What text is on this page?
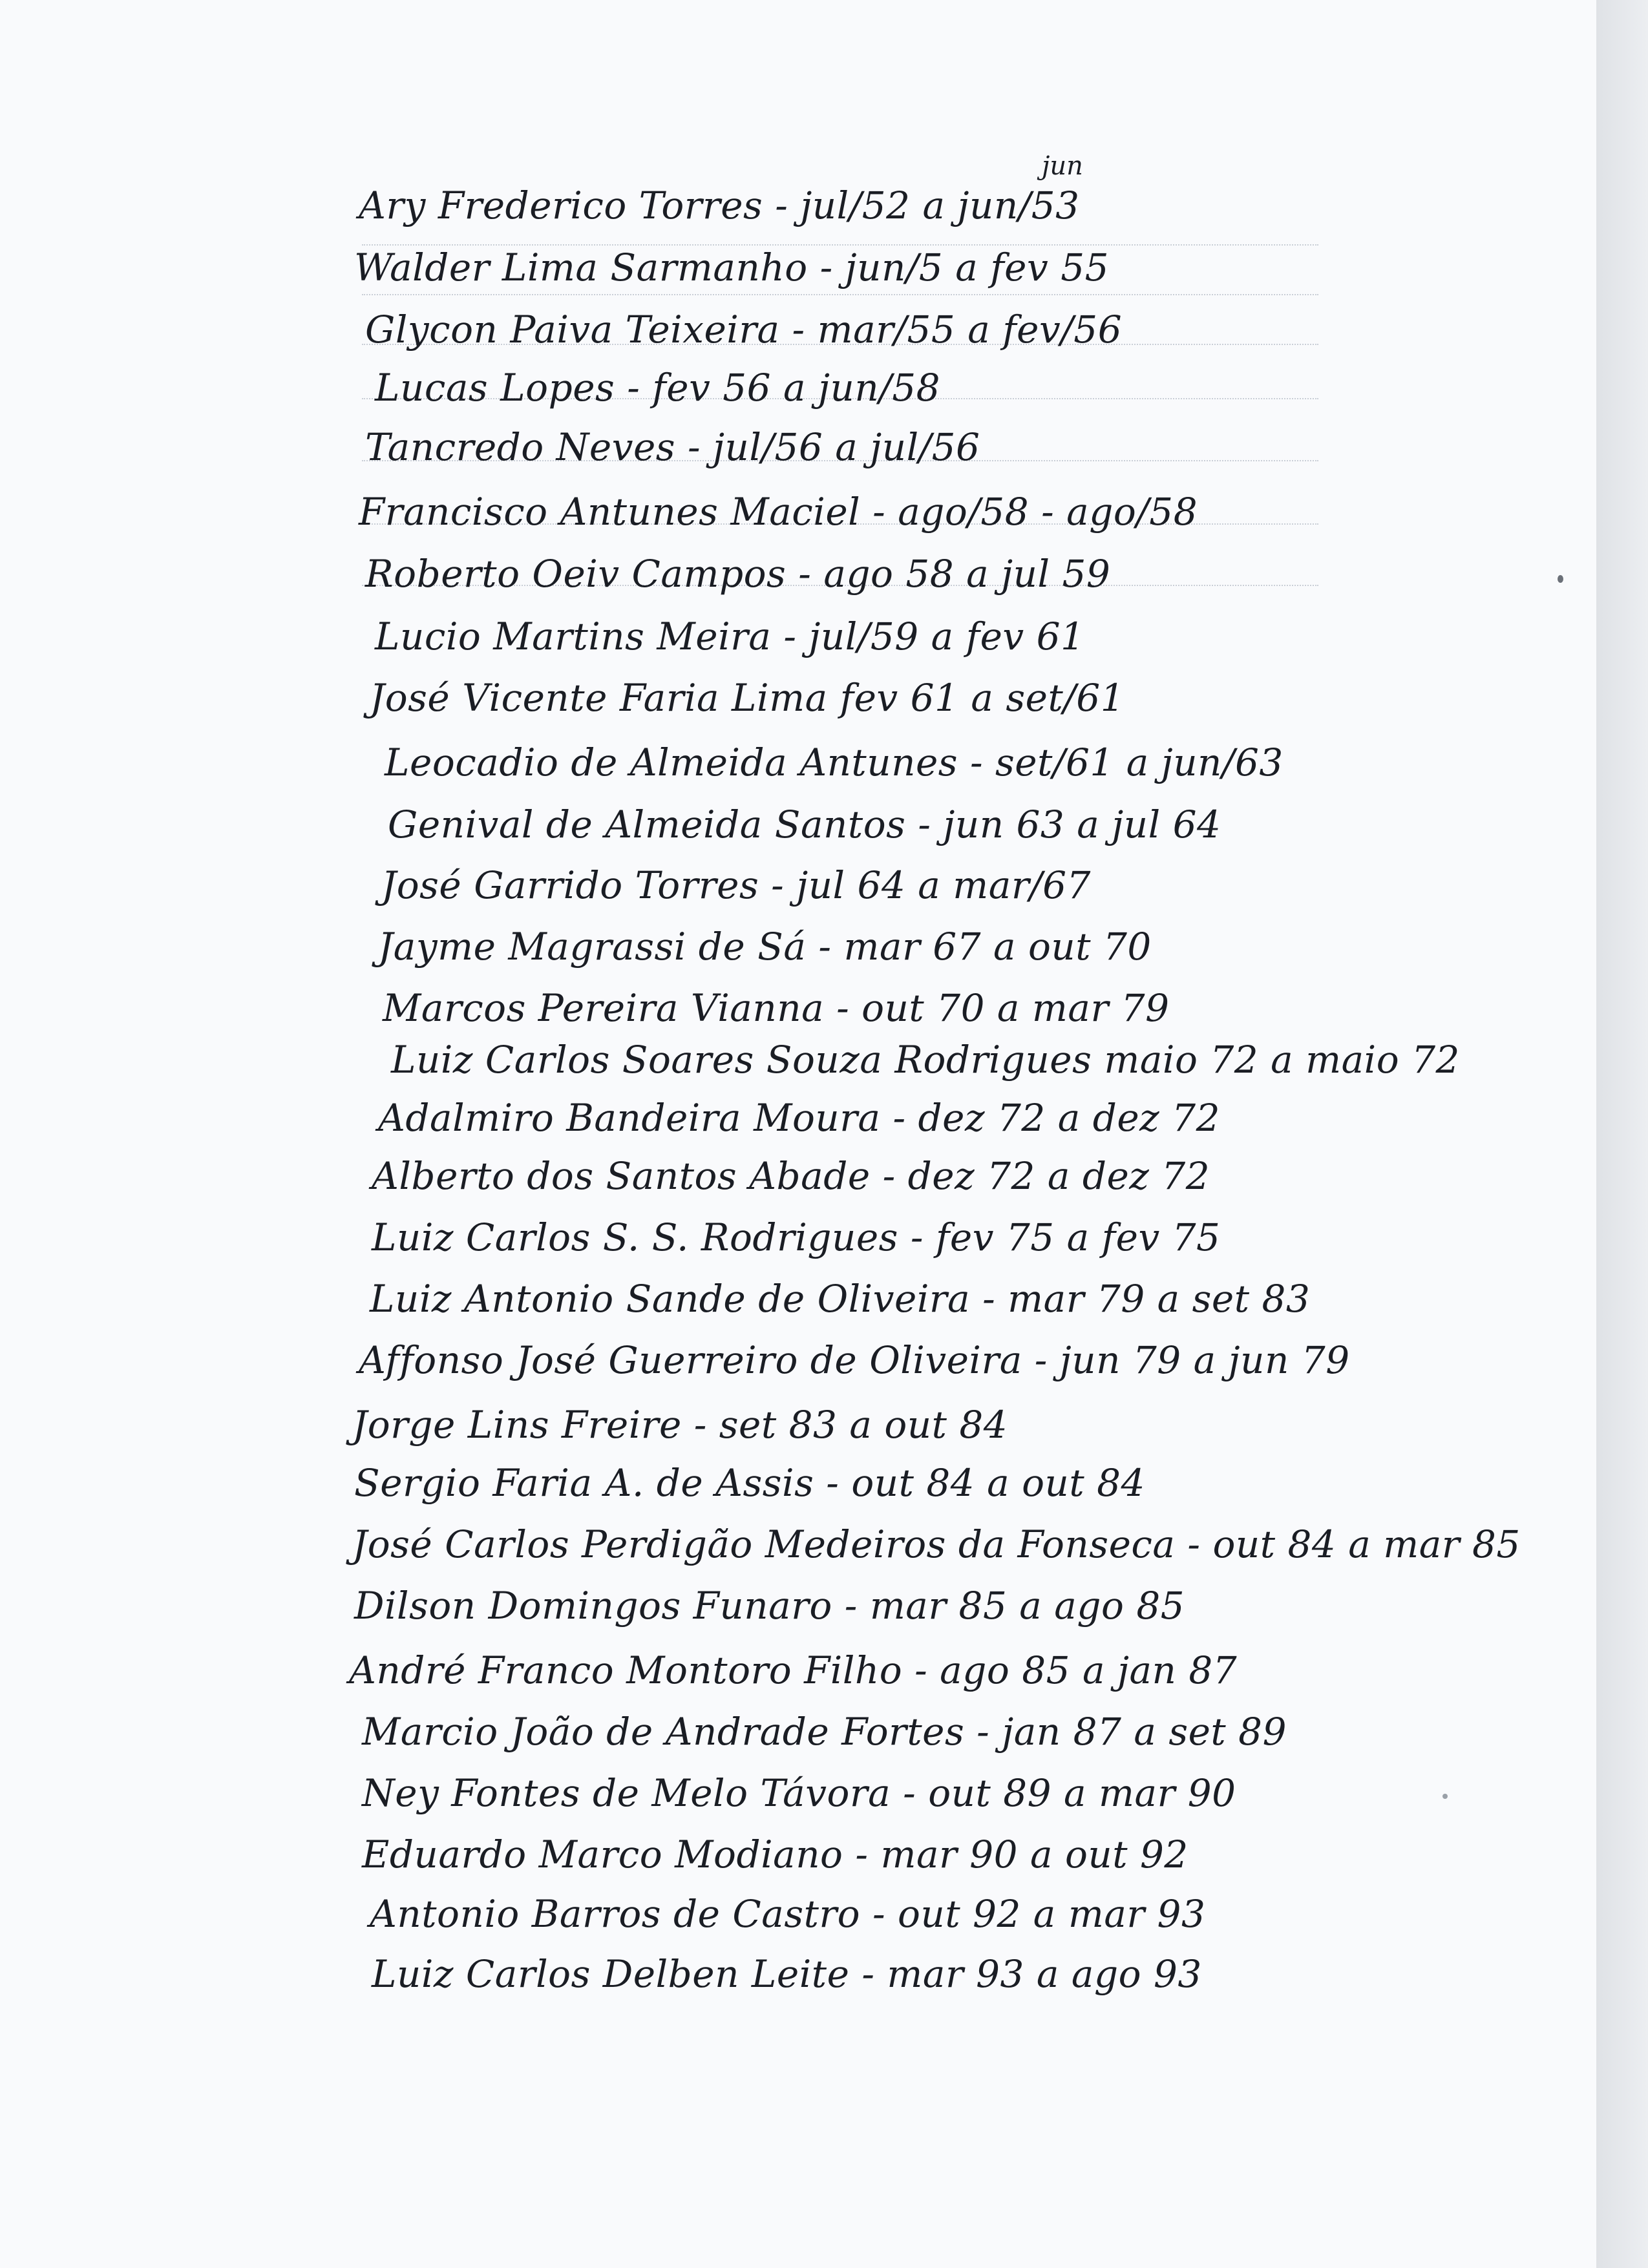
jun
Ary Frederico Torres - jul/52 a jun/53
Walder Lima Sarmanho - jun/5 a fev 55
Glycon Paiva Teixeira - mar/55 a fev/56
Lucas Lopes - fev 56 a jun/58
Tancredo Neves - jul/56 a jul/56
Francisco Antunes Maciel - ago/58 - ago/58
Roberto Oeiv Campos - ago 58 a jul 59
Lucio Martins Meira - jul/59 a fev 61
José Vicente Faria Lima fev 61 a set/61
Leocadio de Almeida Antunes - set/61 a jun/63
Genival de Almeida Santos - jun 63 a jul 64
José Garrido Torres - jul 64 a mar/67
Jayme Magrassi de Sá - mar 67 a out 70
Marcos Pereira Vianna - out 70 a mar 79
Luiz Carlos Soares Souza Rodrigues maio 72 a maio 72
Adalmiro Bandeira Moura - dez 72 a dez 72
Alberto dos Santos Abade - dez 72 a dez 72
Luiz Carlos S. S. Rodrigues - fev 75 a fev 75
Luiz Antonio Sande de Oliveira - mar 79 a set 83
Affonso José Guerreiro de Oliveira - jun 79 a jun 79
Jorge Lins Freire - set 83 a out 84
Sergio Faria A. de Assis - out 84 a out 84
José Carlos Perdigão Medeiros da Fonseca - out 84 a mar 85
Dilson Domingos Funaro - mar 85 a ago 85
André Franco Montoro Filho - ago 85 a jan 87
Marcio João de Andrade Fortes - jan 87 a set 89
Ney Fontes de Melo Távora - out 89 a mar 90
Eduardo Marco Modiano - mar 90 a out 92
Antonio Barros de Castro - out 92 a mar 93
Luiz Carlos Delben Leite - mar 93 a ago 93
